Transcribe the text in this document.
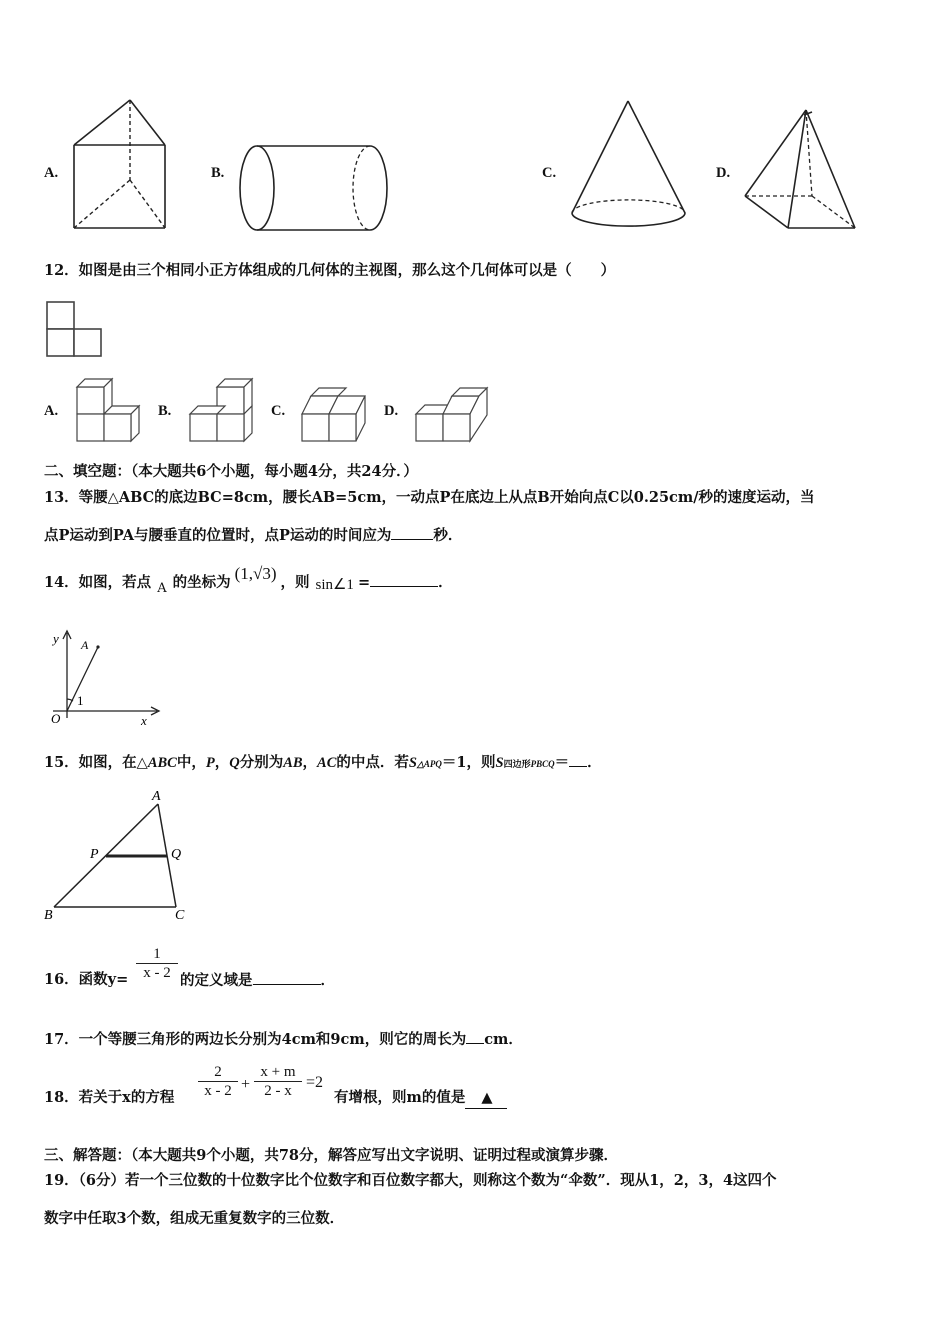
A.	B.	C.	D.
12．如图是由三个相同小正方体组成的几何体的主视图，那么这个几何体可以是（　　）
A.	B.	C.	D.
二、填空题：（本大题共6个小题，每小题4分，共24分．）
13．等腰△ABC的底边BC=8cm，腰长AB=5cm，一动点P在底边上从点B开始向点C以0.25cm/秒的速度运动，当
点P运动到PA与腰垂直的位置时，点P运动的时间应为	秒．
14．如图，若点 A 的坐标为 (1,√3) ，则 sin∠1 =	．
y
x
O
A
1
15．如图，在△ABC中，P，Q分别为AB，AC的中点．若S△APQ＝1，则S四边形PBCQ＝ ．
A
P	Q
B	C
16．函数$y= \frac{1}{x - 2}$ 的定义域是	．
17．一个等腰三角形的两边长分别为4cm和9cm，则它的周长为 cm．
18．若关于x的方程 $\frac{2}{x - 2} + \frac{x + m}{2 - x} =2$
有增根，则m的值是 ▲
三、解答题：（本大题共9个小题，共78分，解答应写出文字说明、证明过程或演算步骤．
19．（6分）若一个三位数的十位数字比个位数字和百位数字都大，则称这个数为“伞数”．现从1，2，3，4这四个
数字中任取3个数，组成无重复数字的三位数．
